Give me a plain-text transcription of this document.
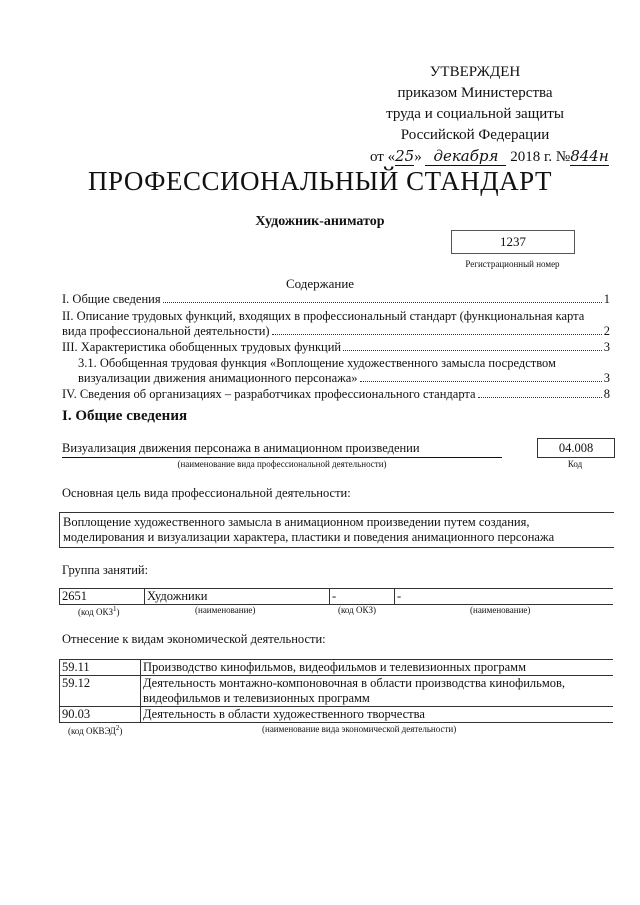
УТВЕРЖДЕН
приказом Министерства
труда и социальной защиты
Российской Федерации
от «25» декабря 2018 г. №844н
ПРОФЕССИОНАЛЬНЫЙ СТАНДАРТ
Художник-аниматор
1237
Регистрационный номер
Содержание
I. Общие сведения	1
II. Описание трудовых функций, входящих в профессиональный стандарт (функциональная карта
вида профессиональной деятельности)	2
III. Характеристика обобщенных трудовых функций	3
3.1. Обобщенная трудовая функция «Воплощение художественного замысла посредством
визуализации движения анимационного персонажа»	3
IV. Сведения об организациях – разработчиках профессионального стандарта	8
I. Общие сведения
Визуализация движения персонажа в анимационном произведении
(наименование вида профессиональной деятельности)
04.008
Код
Основная цель вида профессиональной деятельности:
Воплощение художественного замысла в анимационном произведении путем создания,
моделирования и визуализации характера, пластики и поведения анимационного персонажа
Группа занятий:
2651	Художники	-	-
(код ОКЗ$^1$)	(наименование)	(код ОКЗ)	(наименование)
Отнесение к видам экономической деятельности:
59.11	Производство кинофильмов, видеофильмов и телевизионных программ
59.12	Деятельность монтажно-компоновочная в области производства кинофильмов,
видеофильмов и телевизионных программ

90.03	Деятельность в области художественного творчества
(код ОКВЭД$^2$)	(наименование вида экономической деятельности)
